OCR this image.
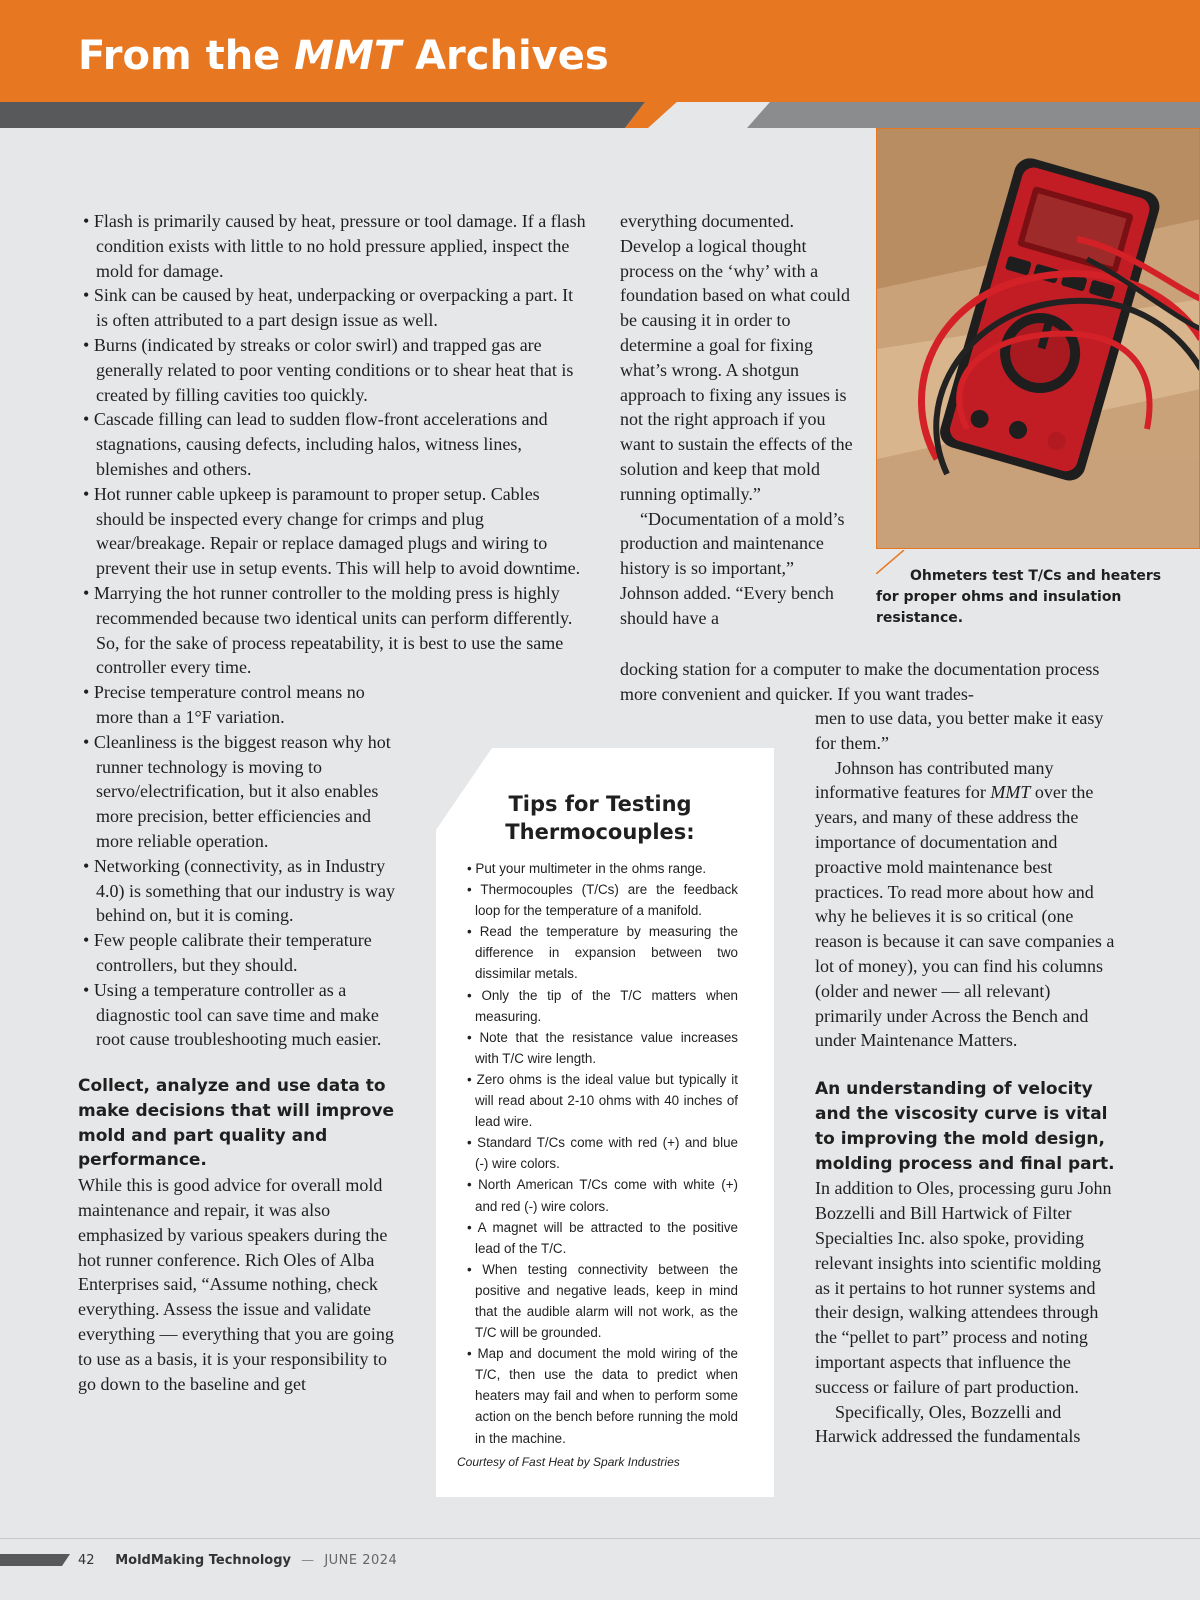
From the MMT Archives
Ohmeters test T/Cs and heaters for proper ohms and insulation resistance.
• Flash is primarily caused by heat, pressure or tool damage. If a flash condition exists with little to no hold pressure applied, inspect the mold for damage.
• Sink can be caused by heat, underpacking or overpacking a part. It is often attributed to a part design issue as well.
• Burns (indicated by streaks or color swirl) and trapped gas are generally related to poor venting conditions or to shear heat that is created by filling cavities too quickly.
• Cascade filling can lead to sudden flow-front accelerations and stagnations, causing defects, including halos, witness lines, blemishes and others.
• Hot runner cable upkeep is paramount to proper setup. Cables should be inspected every change for crimps and plug wear/breakage. Repair or replace damaged plugs and wiring to prevent their use in setup events. This will help to avoid downtime.
• Marrying the hot runner controller to the molding press is highly recommended because two identical units can perform differently. So, for the sake of process repeatability, it is best to use the same controller every time.
• Precise temperature control means no more than a 1°F variation.
• Cleanliness is the biggest reason why hot runner technology is moving to servo/electrification, but it also enables more precision, better efficiencies and more reliable operation.
• Networking (connectivity, as in Industry 4.0) is something that our industry is way behind on, but it is coming.
• Few people calibrate their temperature controllers, but they should.
• Using a temperature controller as a diagnostic tool can save time and make root cause troubleshooting much easier.
Collect, analyze and use data to make decisions that will improve mold and part quality and performance.

While this is good advice for overall mold maintenance and repair, it was also emphasized by various speakers during the hot runner conference. Rich Oles of Alba Enterprises said, “Assume nothing, check everything. Assess the issue and validate everything — everything that you are going to use as a basis, it is your responsibility to go down to the baseline and get

everything documented. Develop a logical thought process on the ‘why’ with a foundation based on what could be causing it in order to determine a goal for fixing what’s wrong. A shotgun approach to fixing any issues is not the right approach if you want to sustain the effects of the solution and keep that mold running optimally.”

“Documentation of a mold’s production and maintenance history is so important,” Johnson added. “Every bench should have a

docking station for a computer to make the documentation process more convenient and quicker. If you want trades-

men to use data, you better make it easy for them.”

Johnson has contributed many informative features for MMT over the years, and many of these address the importance of documentation and proactive mold maintenance best practices. To read more about how and why he believes it is so critical (one reason is because it can save companies a lot of money), you can find his columns (older and newer — all relevant) primarily under Across the Bench and under Maintenance Matters.

An understanding of velocity and the viscosity curve is vital to improving the mold design, molding process and final part.

In addition to Oles, processing guru John Bozzelli and Bill Hartwick of Filter Specialties Inc. also spoke, providing relevant insights into scientific molding as it pertains to hot runner systems and their design, walking attendees through the “pellet to part” process and noting important aspects that influence the success or failure of part production.

Specifically, Oles, Bozzelli and Harwick addressed the fundamentals

Tips for Testing
Thermocouples:
• Put your multimeter in the ohms range.
• Thermocouples (T/Cs) are the feedback loop for the temperature of a manifold.
• Read the temperature by measuring the difference in expansion between two dissimilar metals.
• Only the tip of the T/C matters when measuring.
• Note that the resistance value increases with T/C wire length.
• Zero ohms is the ideal value but typically it will read about 2-10 ohms with 40 inches of lead wire.
• Standard T/Cs come with red (+) and blue (-) wire colors.
• North American T/Cs come with white (+) and red (-) wire colors.
• A magnet will be attracted to the positive lead of the T/C.
• When testing connectivity between the positive and negative leads, keep in mind that the audible alarm will not work, as the T/C will be grounded.
• Map and document the mold wiring of the T/C, then use the data to predict when heaters may fail and when to perform some action on the bench before running the mold in the machine.
Courtesy of Fast Heat by Spark Industries
42 MoldMaking Technology — JUNE 2024
